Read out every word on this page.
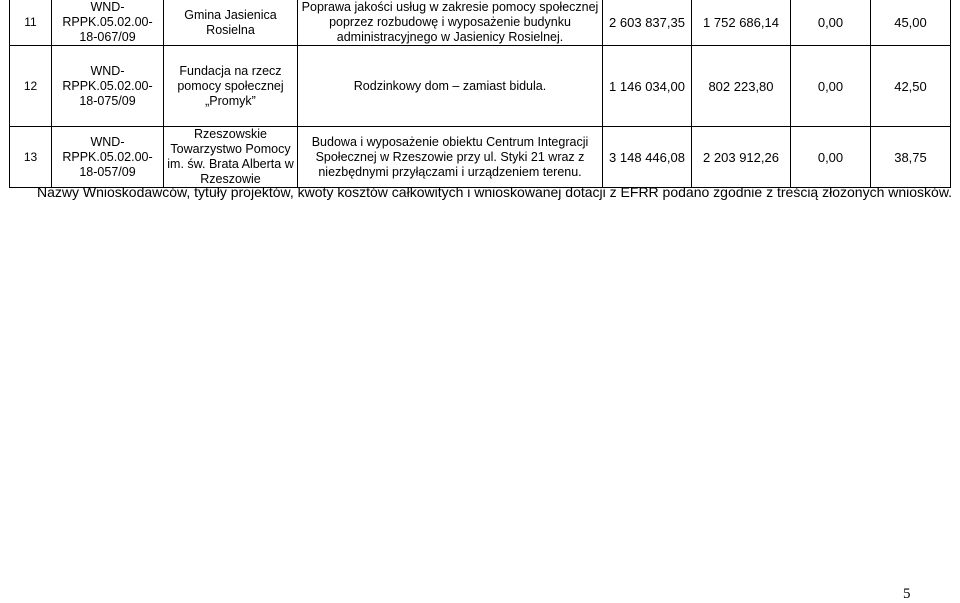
11	WND-RPPK.05.02.00-18-067/09	Gmina Jasienica Rosielna	Poprawa jakości usług w zakresie pomocy społecznej poprzez rozbudowę i wyposażenie budynku administracyjnego w Jasienicy Rosielnej.	2 603 837,35	1 752 686,14	0,00	45,00
12	WND-RPPK.05.02.00-18-075/09	Fundacja na rzecz pomocy społecznej „Promyk”	Rodzinkowy dom – zamiast bidula.	1 146 034,00	802 223,80	0,00	42,50
13	WND-RPPK.05.02.00-18-057/09	Rzeszowskie Towarzystwo Pomocy im. św. Brata Alberta w Rzeszowie	Budowa i wyposażenie obiektu Centrum Integracji Społecznej w Rzeszowie przy ul. Styki 21 wraz z niezbędnymi przyłączami i urządzeniem terenu.	3 148 446,08	2 203 912,26	0,00	38,75
Nazwy Wnioskodawców, tytuły projektów, kwoty kosztów całkowitych i wnioskowanej dotacji z EFRR podano zgodnie z treścią złożonych wniosków.
5
